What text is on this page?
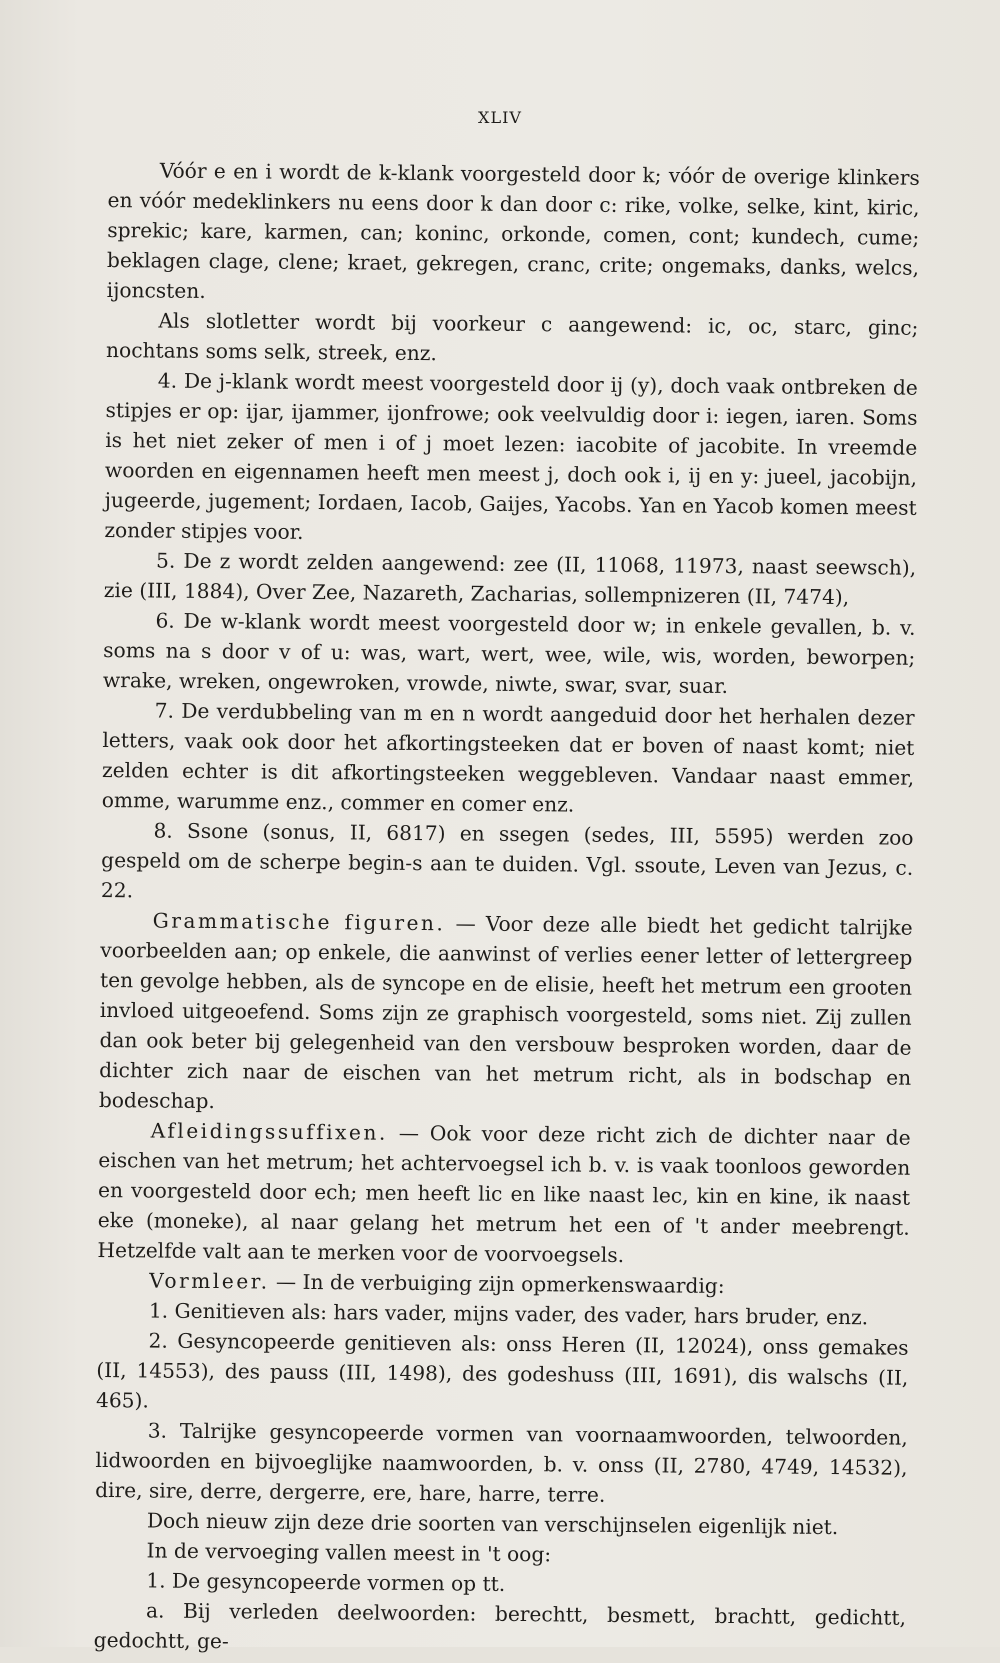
XLIV

Vóór e en i wordt de k-klank voorgesteld door k; vóór de overige klinkers en vóór medeklinkers nu eens door k dan door c: rike, volke, selke, kint, kiric, sprekic; kare, karmen, can; koninc, orkonde, comen, cont; kundech, cume; beklagen clage, clene; kraet, gekregen, cranc, crite; ongemaks, danks, welcs, ijoncsten.

Als slotletter wordt bij voorkeur c aangewend: ic, oc, starc, ginc; nochtans soms selk, streek, enz.

4. De j-klank wordt meest voorgesteld door ij (y), doch vaak ontbreken de stipjes er op: ijar, ijammer, ijonfrowe; ook veelvuldig door i: iegen, iaren. Soms is het niet zeker of men i of j moet lezen: iacobite of jacobite. In vreemde woorden en eigennamen heeft men meest j, doch ook i, ij en y: jueel, jacobijn, jugeerde, jugement; Iordaen, Iacob, Gaijes, Yacobs. Yan en Yacob komen meest zonder stipjes voor.

5. De z wordt zelden aangewend: zee (II, 11068, 11973, naast seewsch), zie (III, 1884), Over Zee, Nazareth, Zacharias, sollempnizeren (II, 7474),

6. De w-klank wordt meest voorgesteld door w; in enkele gevallen, b. v. soms na s door v of u: was, wart, wert, wee, wile, wis, worden, beworpen; wrake, wreken, ongewroken, vrowde, niwte, swar, svar, suar.

7. De verdubbeling van m en n wordt aangeduid door het herhalen dezer letters, vaak ook door het afkortingsteeken dat er boven of naast komt; niet zelden echter is dit afkortingsteeken weggebleven. Vandaar naast emmer, omme, warumme enz., commer en comer enz.

8. Ssone (sonus, II, 6817) en ssegen (sedes, III, 5595) werden zoo gespeld om de scherpe begin-s aan te duiden. Vgl. ssoute, Leven van Jezus, c. 22.

Grammatische figuren. — Voor deze alle biedt het gedicht talrijke voorbeelden aan; op enkele, die aanwinst of verlies eener letter of lettergreep ten gevolge hebben, als de syncope en de elisie, heeft het metrum een grooten invloed uitgeoefend. Soms zijn ze graphisch voorgesteld, soms niet. Zij zullen dan ook beter bij gelegenheid van den versbouw besproken worden, daar de dichter zich naar de eischen van het metrum richt, als in bodschap en bodeschap.

Afleidingssuffixen. — Ook voor deze richt zich de dichter naar de eischen van het metrum; het achtervoegsel ich b. v. is vaak toonloos geworden en voorgesteld door ech; men heeft lic en like naast lec, kin en kine, ik naast eke (moneke), al naar gelang het metrum het een of 't ander meebrengt. Hetzelfde valt aan te merken voor de voorvoegsels.

Vormleer. — In de verbuiging zijn opmerkenswaardig:

1. Genitieven als: hars vader, mijns vader, des vader, hars bruder, enz.

2. Gesyncopeerde genitieven als: onss Heren (II, 12024), onss gemakes (II, 14553), des pauss (III, 1498), des godeshuss (III, 1691), dis walschs (II, 465).

3. Talrijke gesyncopeerde vormen van voornaamwoorden, telwoorden, lidwoorden en bijvoeglijke naamwoorden, b. v. onss (II, 2780, 4749, 14532), dire, sire, derre, dergerre, ere, hare, harre, terre.

Doch nieuw zijn deze drie soorten van verschijnselen eigenlijk niet.

In de vervoeging vallen meest in 't oog:

1. De gesyncopeerde vormen op tt.

a. Bij verleden deelwoorden: berechtt, besmett, brachtt, gedichtt, gedochtt, ge-
